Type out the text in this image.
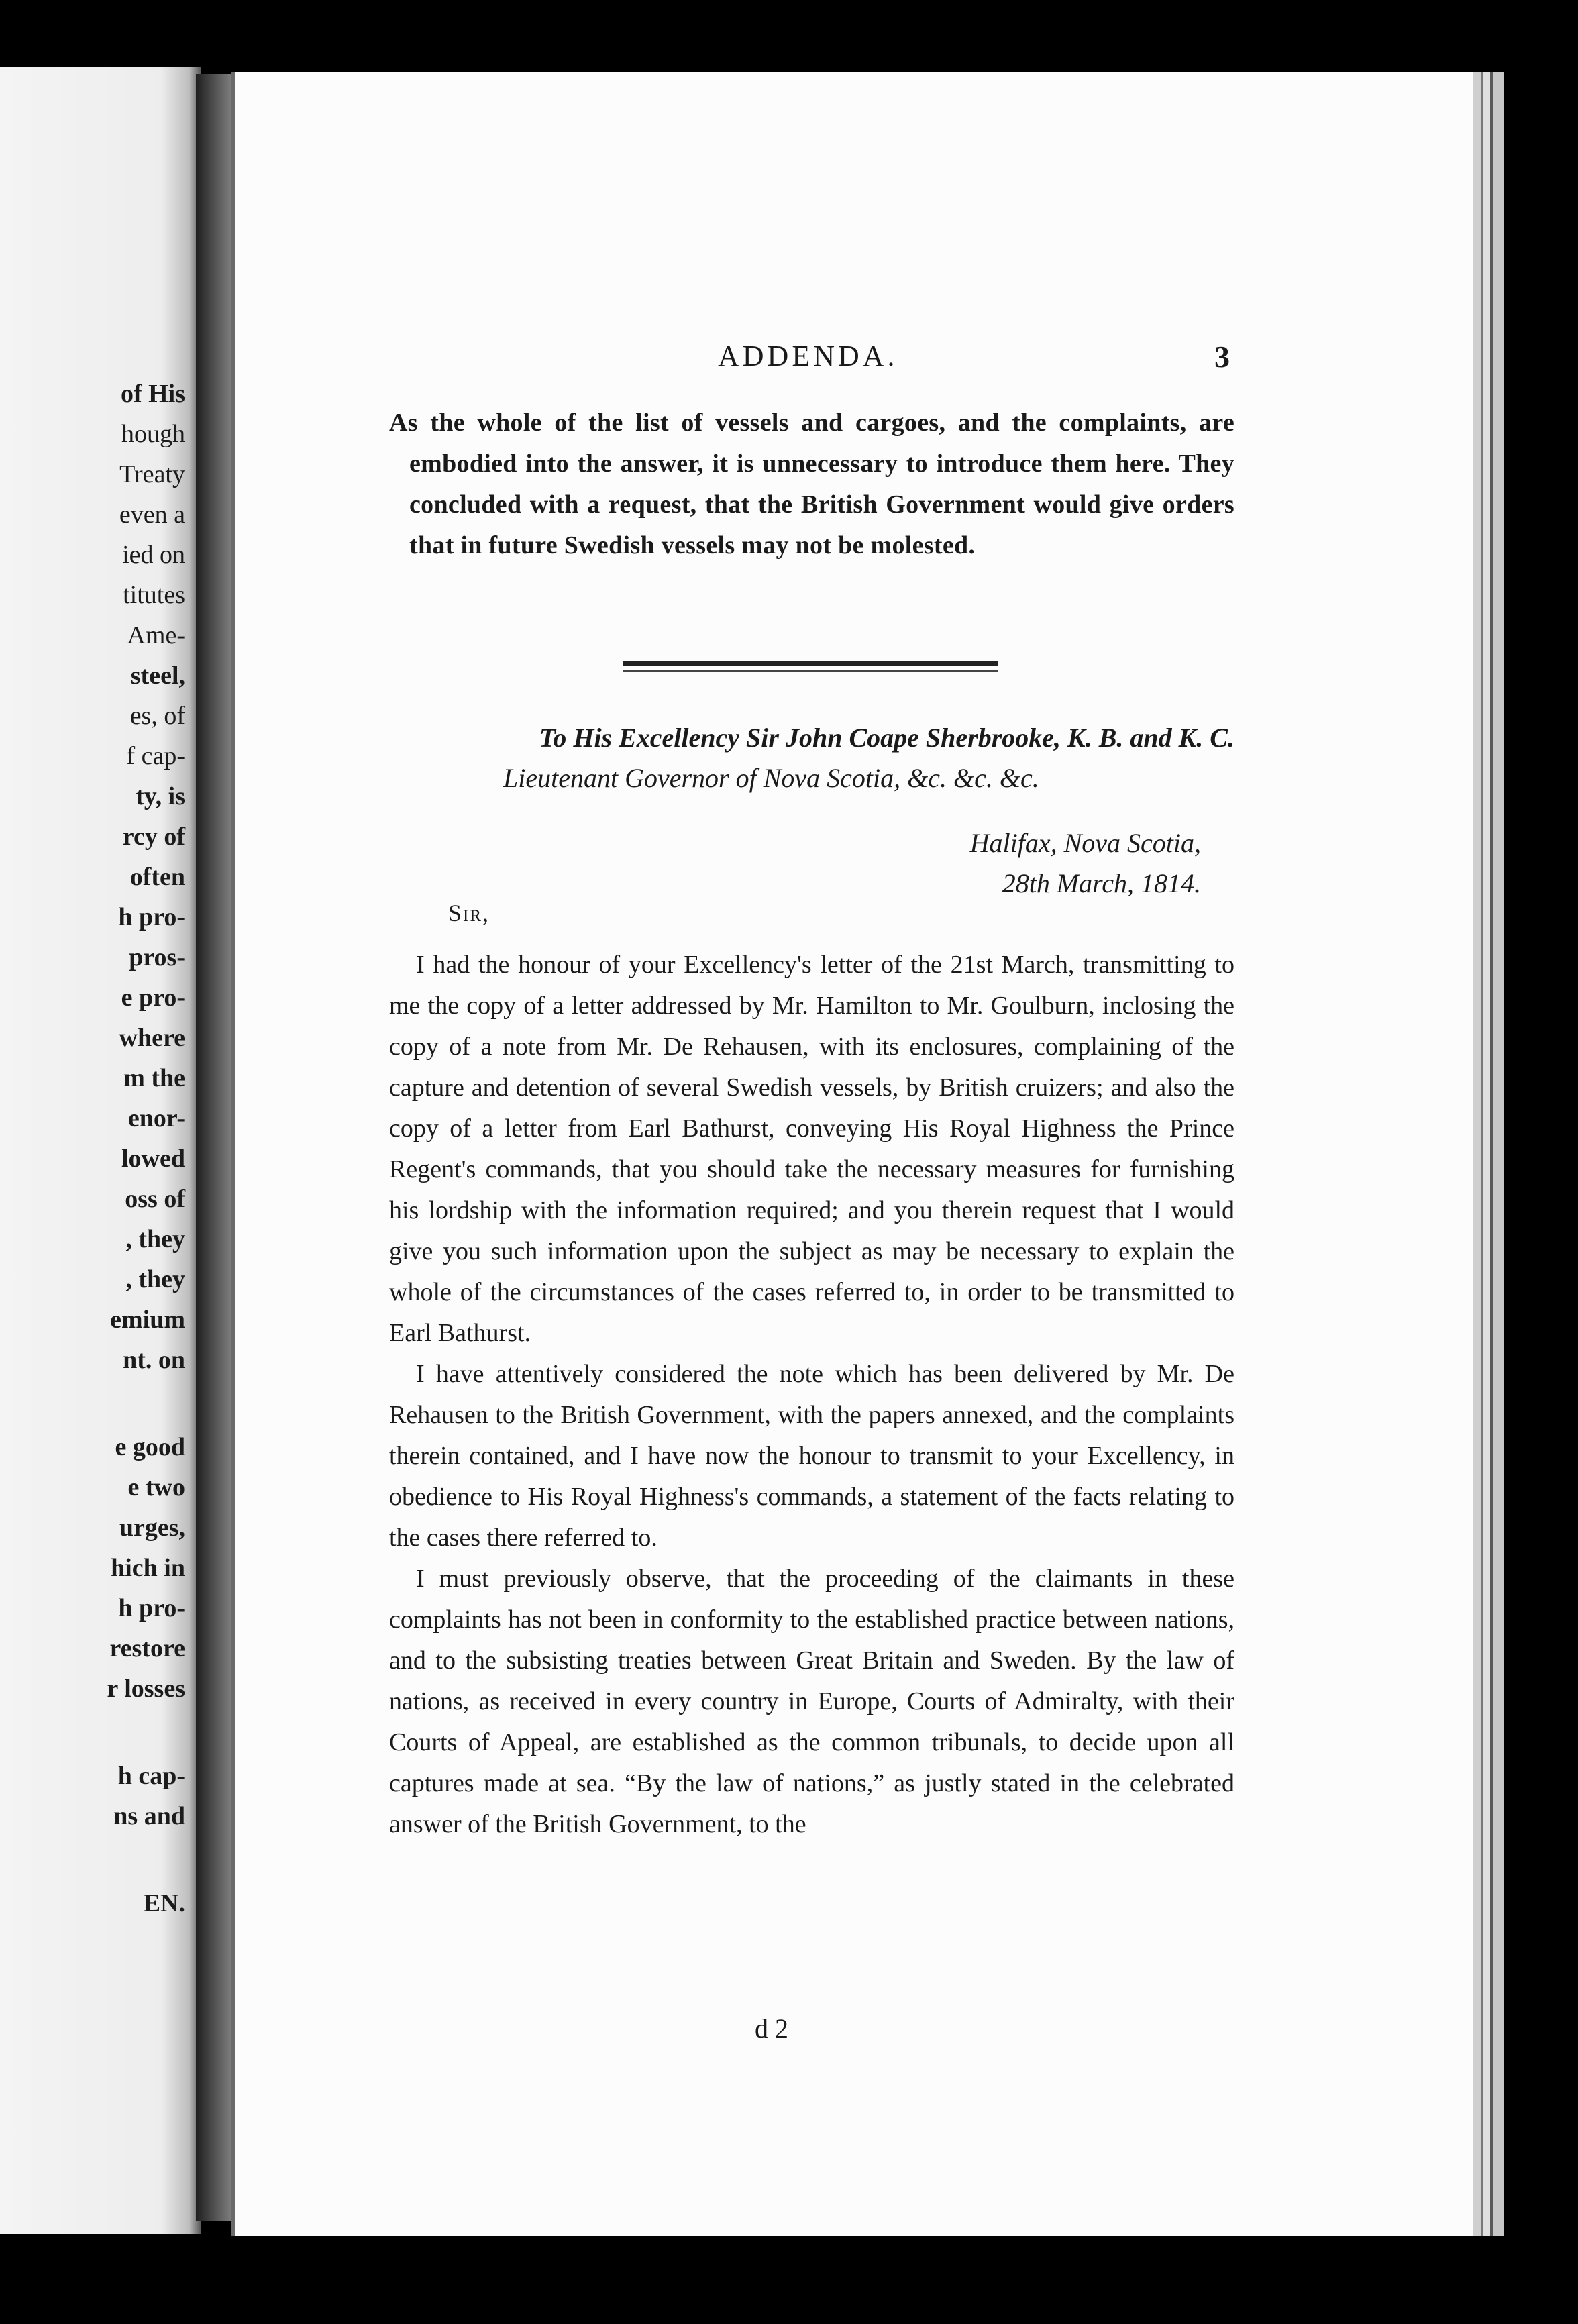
of His
hough
Treaty
even a
ied on
titutes
Ame-
steel,
es, of
f cap-
ty, is
rcy of
often
h pro-
pros-
e pro-
where
m the
enor-
lowed
oss of
, they
, they
emium
nt. on
e good
e two
urges,
hich in
h pro-
restore
r losses
h cap-
ns and
EN.
ADDENDA.	3
As the whole of the list of vessels and cargoes, and the complaints, are embodied into the answer, it is unnecessary to introduce them here. They concluded with a request, that the British Government would give orders that in future Swedish vessels may not be molested.
To His Excellency Sir John Coape Sherbrooke, K. B. and K. C.
Lieutenant Governor of Nova Scotia, &c. &c. &c.
Halifax, Nova Scotia,
28th March, 1814.
Sir,

I had the honour of your Excellency's letter of the 21st March, transmitting to me the copy of a letter addressed by Mr. Hamilton to Mr. Goulburn, inclosing the copy of a note from Mr. De Rehausen, with its enclosures, complaining of the capture and detention of several Swedish vessels, by British cruizers; and also the copy of a letter from Earl Bathurst, conveying His Royal Highness the Prince Regent's commands, that you should take the necessary measures for furnishing his lordship with the information required; and you therein request that I would give you such information upon the subject as may be necessary to explain the whole of the circumstances of the cases referred to, in order to be transmitted to Earl Bathurst.

I have attentively considered the note which has been delivered by Mr. De Rehausen to the British Government, with the papers annexed, and the complaints therein contained, and I have now the honour to transmit to your Excellency, in obedience to His Royal Highness's commands, a statement of the facts relating to the cases there referred to.

I must previously observe, that the proceeding of the claimants in these complaints has not been in conformity to the established practice between nations, and to the subsisting treaties between Great Britain and Sweden. By the law of nations, as received in every country in Europe, Courts of Admiralty, with their Courts of Appeal, are established as the common tribunals, to decide upon all captures made at sea. “By the law of nations,” as justly stated in the celebrated answer of the British Government, to the

d 2
